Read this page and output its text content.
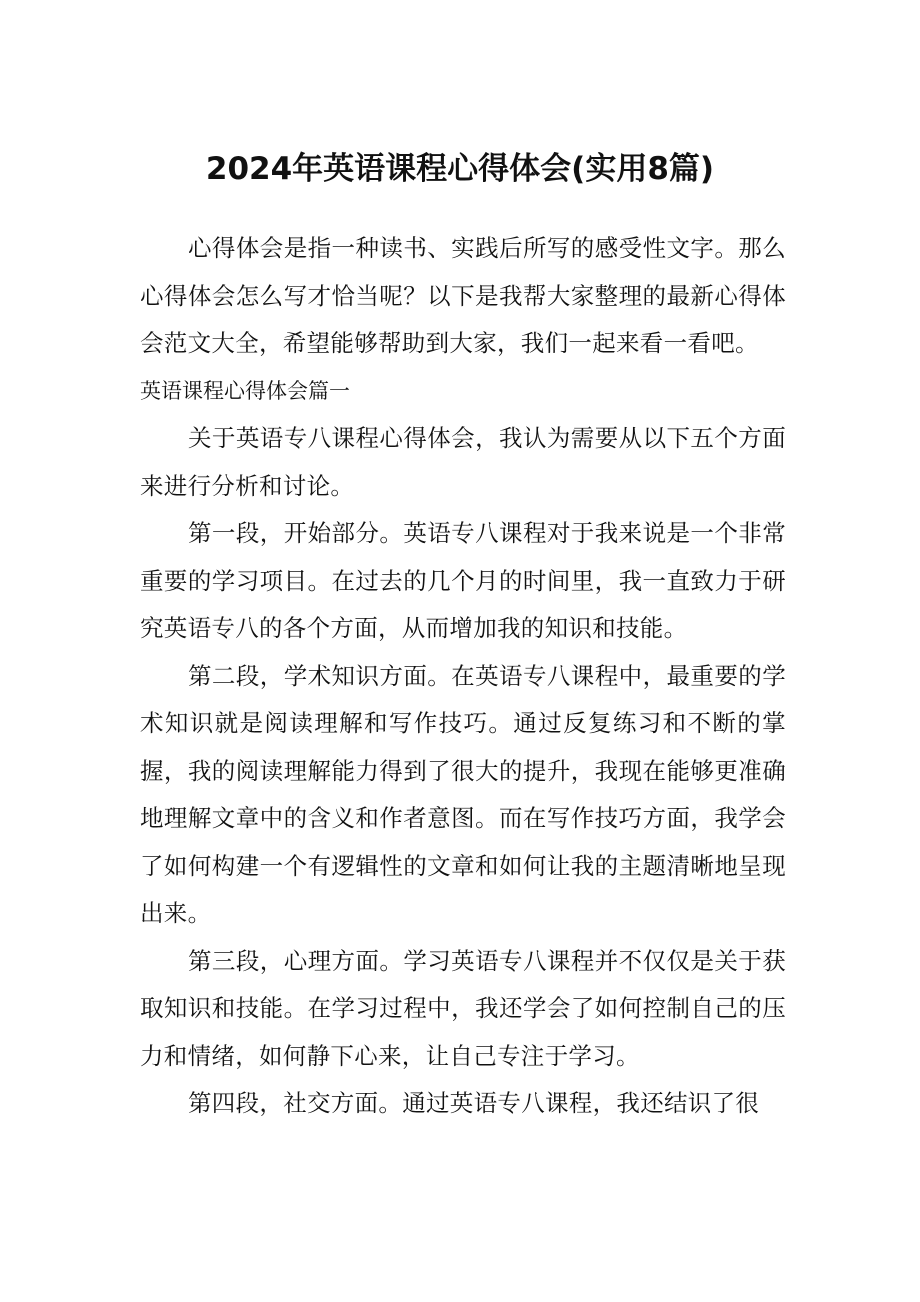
2024年英语课程心得体会(实用8篇)

心得体会是指一种读书、实践后所写的感受性文字。那么心得体会怎么写才恰当呢？以下是我帮大家整理的最新心得体会范文大全，希望能够帮助到大家，我们一起来看一看吧。

英语课程心得体会篇一

关于英语专八课程心得体会，我认为需要从以下五个方面来进行分析和讨论。

第一段，开始部分。英语专八课程对于我来说是一个非常重要的学习项目。在过去的几个月的时间里，我一直致力于研究英语专八的各个方面，从而增加我的知识和技能。

第二段，学术知识方面。在英语专八课程中，最重要的学术知识就是阅读理解和写作技巧。通过反复练习和不断的掌握，我的阅读理解能力得到了很大的提升，我现在能够更准确地理解文章中的含义和作者意图。而在写作技巧方面，我学会了如何构建一个有逻辑性的文章和如何让我的主题清晰地呈现出来。

第三段，心理方面。学习英语专八课程并不仅仅是关于获取知识和技能。在学习过程中，我还学会了如何控制自己的压力和情绪，如何静下心来，让自己专注于学习。

第四段，社交方面。通过英语专八课程，我还结识了很
